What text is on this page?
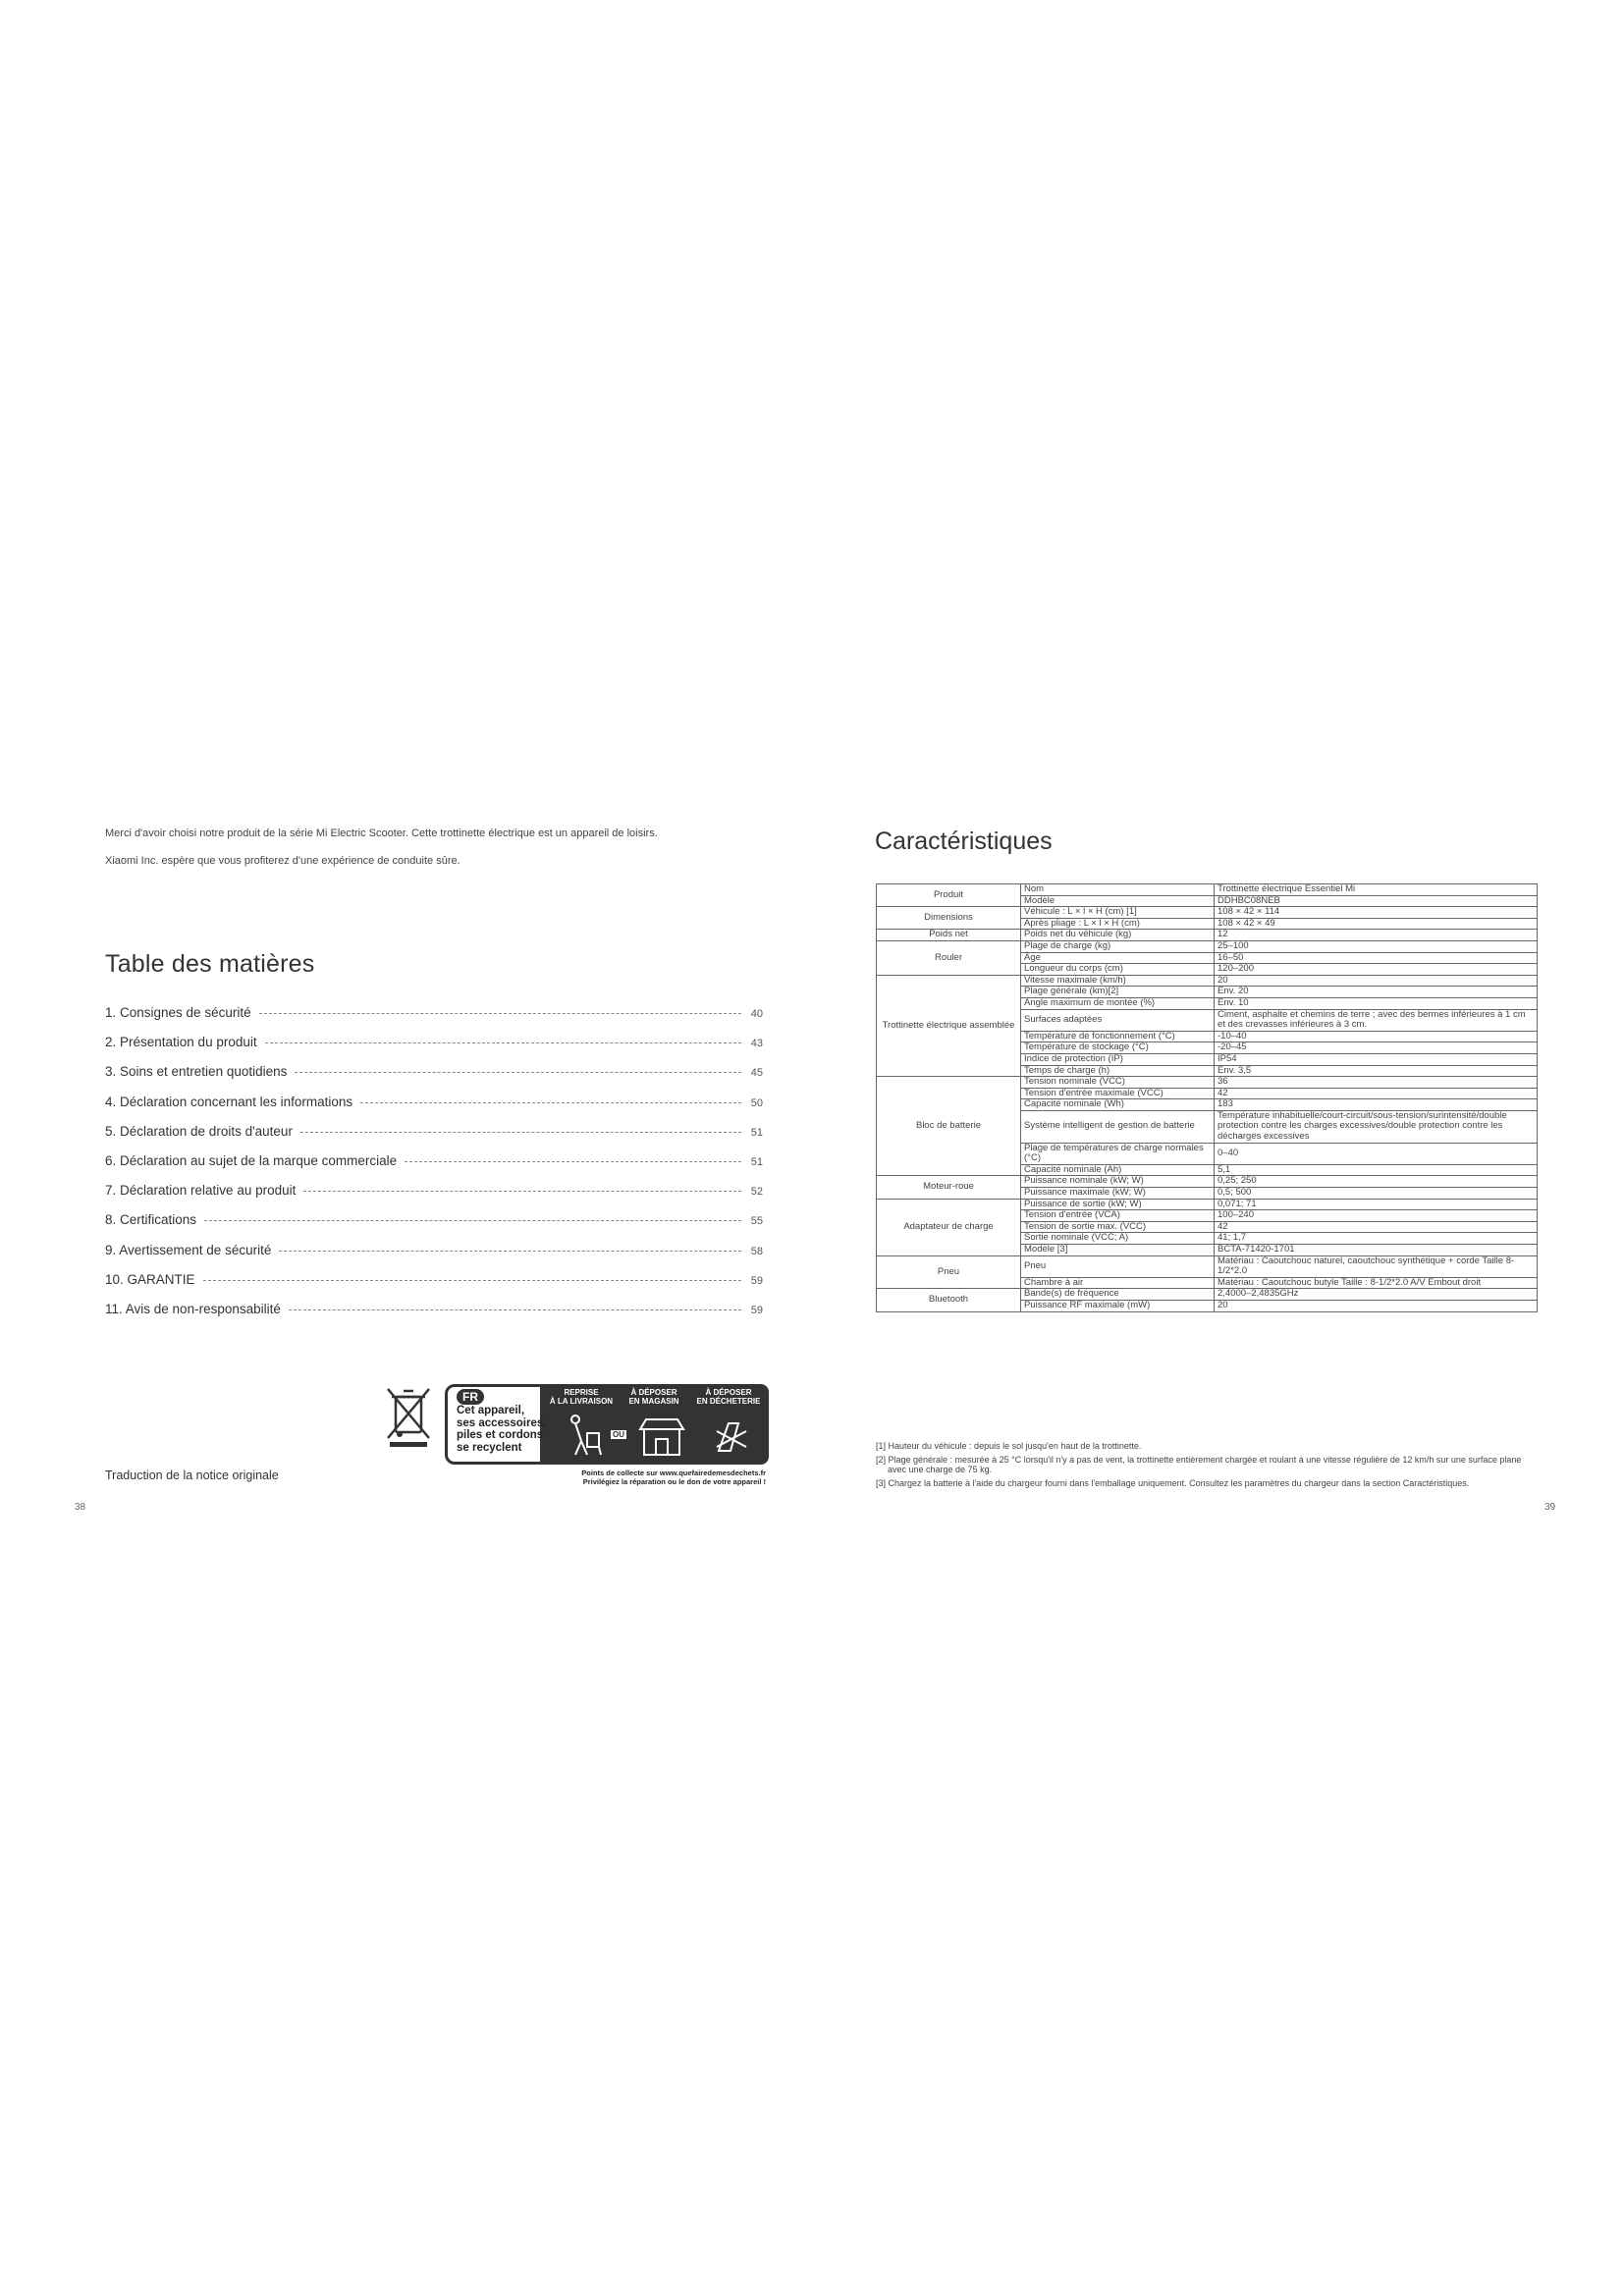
Merci d'avoir choisi notre produit de la série Mi Electric Scooter. Cette trottinette électrique est un appareil de loisirs.
Xiaomi Inc. espère que vous profiterez d'une expérience de conduite sûre.
Table des matières
1. Consignes de sécurité	40
2. Présentation du produit	43
3. Soins et entretien quotidiens	45
4. Déclaration concernant les informations	50
5. Déclaration de droits d'auteur	51
6. Déclaration au sujet de la marque commerciale	51
7. Déclaration relative au produit	52
8. Certifications	55
9. Avertissement de sécurité	58
10. GARANTIE	59
11. Avis de non-responsabilité	59
FR
Cet appareil,
ses accessoires,
piles et cordons
se recyclent
REPRISE
À LA LIVRAISON
À DÉPOSER
EN MAGASIN
À DÉPOSER
EN DÉCHETERIE
OU
Points de collecte sur www.quefairedemesdechets.fr
Privilégiez la réparation ou le don de votre appareil !
Traduction de la notice originale
38
Caractéristiques
Produit	Nom	Trottinette électrique Essentiel Mi
	Modèle	DDHBC08NEB
Dimensions	Véhicule : L × l × H (cm) [1]	108 × 42 × 114
	Après pliage : L × l × H (cm)	108 × 42 × 49
Poids net	Poids net du véhicule (kg)	12
Rouler	Plage de charge (kg)	25–100
	Âge	16–50
	Longueur du corps (cm)	120–200
Trottinette électrique assemblée	Vitesse maximale (km/h)	20
	Plage générale (km)[2]	Env. 20
	Angle maximum de montée (%)	Env. 10
	Surfaces adaptées	Ciment, asphalte et chemins de terre ; avec des bermes inférieures à 1 cm et des crevasses inférieures à 3 cm.
	Température de fonctionnement (°C)	-10–40
	Température de stockage (°C)	-20–45
	Indice de protection (IP)	IP54
	Temps de charge (h)	Env. 3,5
Bloc de batterie	Tension nominale (VCC)	36
	Tension d'entrée maximale (VCC)	42
	Capacité nominale (Wh)	183
	Système intelligent de gestion de batterie	Température inhabituelle/court-circuit/sous-tension/surintensité/double protection contre les charges excessives/double protection contre les décharges excessives
	Plage de températures de charge normales (°C)	0–40
	Capacité nominale (Ah)	5,1
Moteur-roue	Puissance nominale (kW; W)	0,25; 250
	Puissance maximale (kW; W)	0,5; 500
Adaptateur de charge	Puissance de sortie (kW; W)	0,071; 71
	Tension d'entrée (VCA)	100–240
	Tension de sortie max. (VCC)	42
	Sortie nominale (VCC; A)	41; 1,7
	Modèle [3]	BCTA-71420-1701
Pneu	Pneu	Matériau : Caoutchouc naturel, caoutchouc synthétique + corde Taille 8-1/2*2.0
	Chambre à air	Matériau : Caoutchouc butyle Taille : 8-1/2*2.0 A/V Embout droit
Bluetooth	Bande(s) de fréquence	2,4000–2,4835GHz
	Puissance RF maximale (mW)	20
[1] Hauteur du véhicule : depuis le sol jusqu'en haut de la trottinette.
[2] Plage générale : mesurée à 25 °C lorsqu'il n'y a pas de vent, la trottinette entièrement chargée et roulant à une vitesse régulière de 12 km/h sur une surface plane avec une charge de 75 kg.
[3] Chargez la batterie à l'aide du chargeur fourni dans l'emballage uniquement. Consultez les paramètres du chargeur dans la section Caractéristiques.
39
